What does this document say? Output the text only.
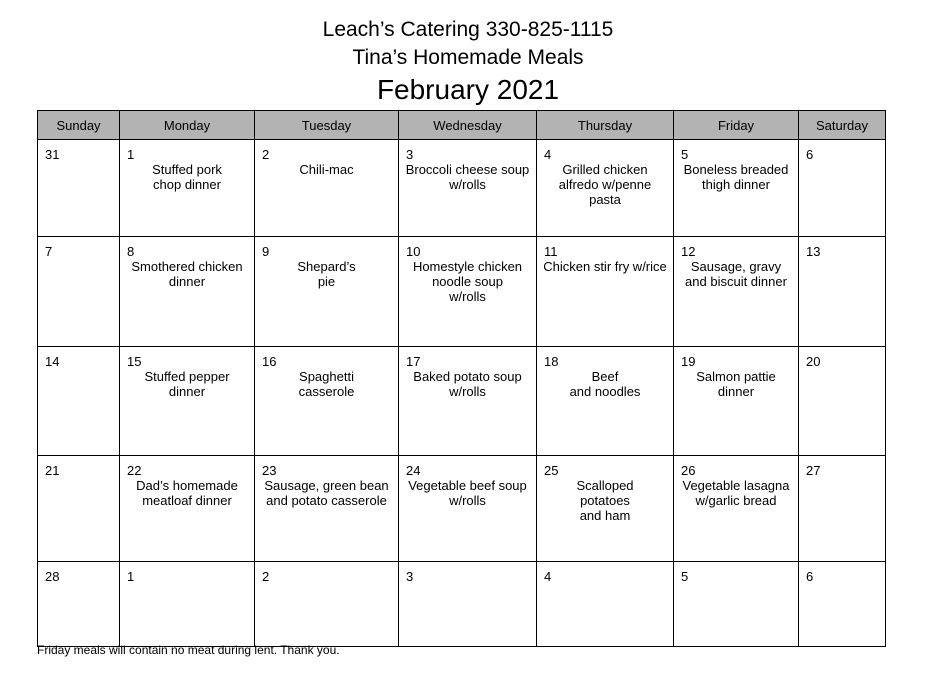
Leach’s Catering 330-825-1115
Tina’s Homemade Meals
February 2021
Sunday	Monday	Tuesday	Wednesday	Thursday	Friday	Saturday

31	1
Stuffed pork
chop dinner	2
Chili-mac	3
Broccoli cheese soup
w/rolls	4
Grilled chicken
alfredo w/penne
pasta	5
Boneless breaded
thigh dinner	6

7	8
Smothered chicken
dinner	9
Shepard’s
pie	10
Homestyle chicken
noodle soup
w/rolls	11
Chicken stir fry w/rice	12
Sausage, gravy
and biscuit dinner	13

14	15
Stuffed pepper
dinner	16
Spaghetti
casserole	17
Baked potato soup
w/rolls	18
Beef
and noodles	19
Salmon pattie
dinner	20

21	22
Dad’s homemade
meatloaf dinner	23
Sausage, green bean
and potato casserole	24
Vegetable beef soup
w/rolls	25
Scalloped
potatoes
and ham	26
Vegetable lasagna
w/garlic bread	27

28	1	2	3	4	5	6
Friday meals will contain no meat during lent. Thank you.
